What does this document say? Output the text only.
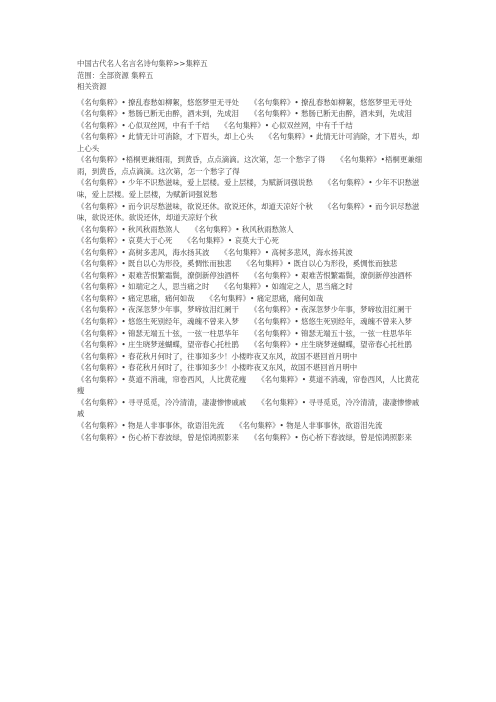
中国古代名人名言名诗句集粹>>集粹五
范围：全部资源 集粹五
相关资源
《名句集粹》• 撩乱春愁如柳絮，悠悠梦里无寻处　　《名句集粹》• 撩乱春愁如柳絮，悠悠梦里无寻处
《名句集粹》• 愁肠已断无由醉，酒未到，先成泪　　《名句集粹》• 愁肠已断无由醉，酒未到，先成泪
《名句集粹》• 心似双丝网，中有千千结　　《名句集粹》• 心似双丝网，中有千千结
《名句集粹》• 此情无计可消除，才下眉头，却上心头　　《名句集粹》• 此情无计可消除，才下眉头，却上心头
《名句集粹》•梧桐更兼细雨，到黄昏，点点滴滴。这次第，怎一个愁字了得　　《名句集粹》•梧桐更兼细雨，到黄昏，点点滴滴。这次第，怎一个愁字了得
《名句集粹》• 少年不识愁滋味，爱上层楼。爱上层楼，为赋新词强说愁　　《名句集粹》• 少年不识愁滋味，爱上层楼。爱上层楼，为赋新词强说愁
《名句集粹》• 而今识尽愁滋味，欲说还休。欲说还休，却道天凉好个秋　　《名句集粹》• 而今识尽愁滋味，欲说还休。欲说还休，却道天凉好个秋
《名句集粹》• 秋风秋雨愁煞人　　《名句集粹》• 秋风秋雨愁煞人
《名句集粹》• 哀莫大于心死　　《名句集粹》• 哀莫大于心死
《名句集粹》• 高树多悲风，海水扬其波　　《名句集粹》• 高树多悲风，海水扬其波
《名句集粹》• 既自以心为形役，奚惆怅而独悲　　《名句集粹》• 既自以心为形役，奚惆怅而独悲
《名句集粹》• 艰难苦恨繁霜鬓，潦倒新停浊酒杯　　《名句集粹》• 艰难苦恨繁霜鬓，潦倒新停浊酒杯
《名句集粹》• 如端定之人，思当痛之时　　《名句集粹》• 如端定之人，思当痛之时
《名句集粹》• 痛定思痛，痛何如哉　　《名句集粹》• 痛定思痛，痛何如哉
《名句集粹》• 夜深忽梦少年事，梦啼妆泪红阑干　　《名句集粹》• 夜深忽梦少年事，梦啼妆泪红阑干
《名句集粹》• 悠悠生死别经年，魂魄不曾来入梦　　《名句集粹》• 悠悠生死别经年，魂魄不曾来入梦
《名句集粹》• 锦瑟无端五十弦，一弦一柱思华年　　《名句集粹》• 锦瑟无端五十弦，一弦一柱思华年
《名句集粹》• 庄生晓梦迷蝴蝶，望帝春心托杜鹃　　《名句集粹》• 庄生晓梦迷蝴蝶，望帝春心托杜鹃
《名句集粹》• 春花秋月何时了，往事知多少！小楼昨夜又东风，故国不堪回首月明中
《名句集粹》• 春花秋月何时了，往事知多少！小楼昨夜又东风，故国不堪回首月明中
《名句集粹》• 莫道不消魂，帘卷西风，人比黄花瘦　　《名句集粹》• 莫道不消魂，帘卷西风，人比黄花瘦
《名句集粹》• 寻寻觅觅，冷冷清清，凄凄惨惨戚戚　　《名句集粹》• 寻寻觅觅，冷冷清清，凄凄惨惨戚戚
《名句集粹》• 物是人非事事休，欲语泪先流　　《名句集粹》• 物是人非事事休，欲语泪先流
《名句集粹》• 伤心桥下春波绿，曾是惊鸿照影来　　《名句集粹》• 伤心桥下春波绿，曾是惊鸿照影来
